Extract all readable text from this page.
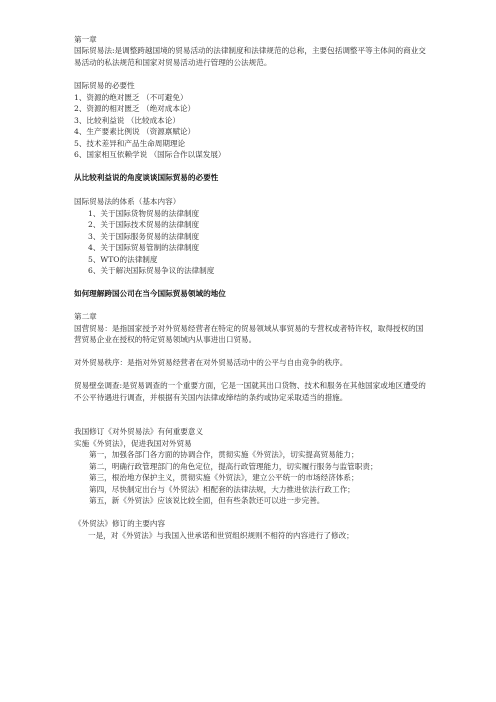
第一章
国际贸易法:是调整跨越国境的贸易活动的法律制度和法律规范的总称，主要包括调整平等主体间的商业交易活动的私法规范和国家对贸易活动进行管理的公法规范。
国际贸易的必要性
1、资源的绝对匮乏 （不可避免）
2、资源的相对匮乏 （绝对成本论）
3、比较利益说 （比较成本论）
4、生产要素比例说 （资源禀赋论）
5、技术差异和产品生命周期理论
6、国家相互依赖学说 （国际合作以谋发展）
从比较利益说的角度谈谈国际贸易的必要性
国际贸易法的体系（基本内容）
1、关于国际货物贸易的法律制度
2、关于国际技术贸易的法律制度
3、关于国际服务贸易的法律制度
4、关于国际贸易管制的法律制度
5、WTO的法律制度
6、关于解决国际贸易争议的法律制度
如何理解跨国公司在当今国际贸易领域的地位
第二章
国营贸易：是指国家授予对外贸易经营者在特定的贸易领域从事贸易的专营权或者特许权，取得授权的国营贸易企业在授权的特定贸易领域内从事进出口贸易。
对外贸易秩序：是指对外贸易经营者在对外贸易活动中的公平与自由竞争的秩序。
贸易壁垒调查:是贸易调查的一个重要方面，它是一国就其出口货物、技术和服务在其他国家或地区遭受的不公平待遇进行调查，并根据有关国内法律或缔结的条约或协定采取适当的措施。
我国修订《对外贸易法》有何重要意义
实施《外贸法》，促进我国对外贸易
第一，加强各部门各方面的协调合作，贯彻实施《外贸法》，切实提高贸易能力；
第二，明确行政管理部门的角色定位，提高行政管理能力，切实履行服务与监管职责；
第三，根治地方保护主义，贯彻实施《外贸法》，建立公平统一的市场经济体系；
第四，尽快制定出台与《外贸法》相配套的法律法规，大力推进依法行政工作；
第五，新《外贸法》应该说比较全面，但有些条款还可以进一步完善。
《外贸法》修订的主要内容
一是，对《外贸法》与我国入世承诺和世贸组织规则不相符的内容进行了修改；
